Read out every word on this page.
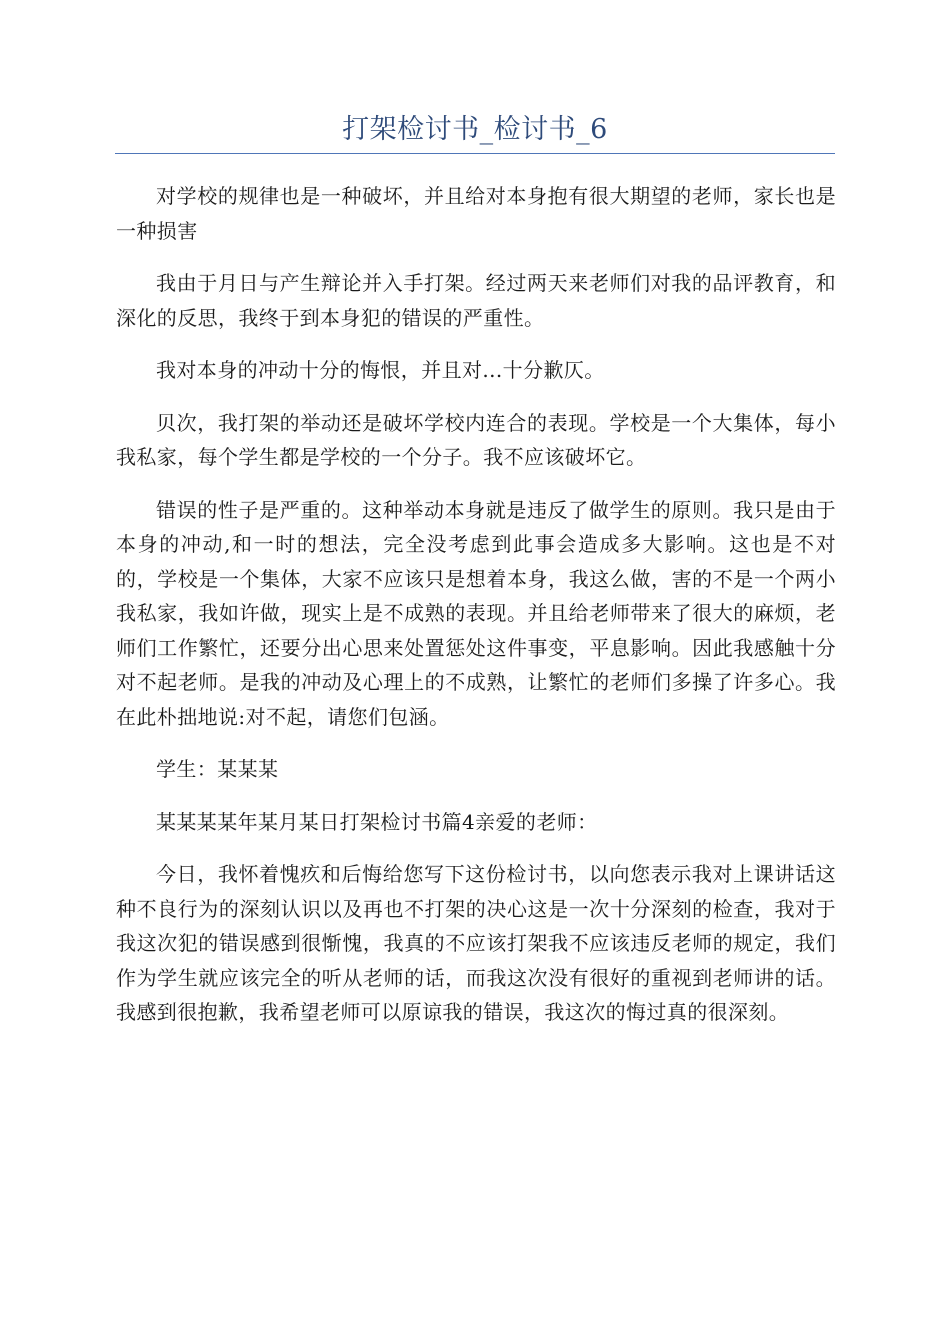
打架检讨书_检讨书_6

对学校的规律也是一种破坏，并且给对本身抱有很大期望的老师，家长也是一种损害

我由于月日与产生辩论并入手打架。经过两天来老师们对我的品评教育，和深化的反思，我终于到本身犯的错误的严重性。

我对本身的冲动十分的悔恨，并且对...十分歉仄。

贝次，我打架的举动还是破坏学校内连合的表现。学校是一个大集体，每小我私家，每个学生都是学校的一个分子。我不应该破坏它。

错误的性子是严重的。这种举动本身就是违反了做学生的原则。我只是由于本身的冲动,和一时的想法，完全没考虑到此事会造成多大影响。这也是不对的，学校是一个集体，大家不应该只是想着本身，我这么做，害的不是一个两小我私家，我如许做，现实上是不成熟的表现。并且给老师带来了很大的麻烦，老师们工作繁忙，还要分出心思来处置惩处这件事变，平息影响。因此我感触十分对不起老师。是我的冲动及心理上的不成熟，让繁忙的老师们多操了许多心。我在此朴拙地说:对不起，请您们包涵。

学生：某某某

某某某某年某月某日打架检讨书篇4亲爱的老师：

今日，我怀着愧疚和后悔给您写下这份检讨书，以向您表示我对上课讲话这种不良行为的深刻认识以及再也不打架的决心这是一次十分深刻的检查，我对于我这次犯的错误感到很惭愧，我真的不应该打架我不应该违反老师的规定，我们作为学生就应该完全的听从老师的话，而我这次没有很好的重视到老师讲的话。我感到很抱歉，我希望老师可以原谅我的错误，我这次的悔过真的很深刻。
